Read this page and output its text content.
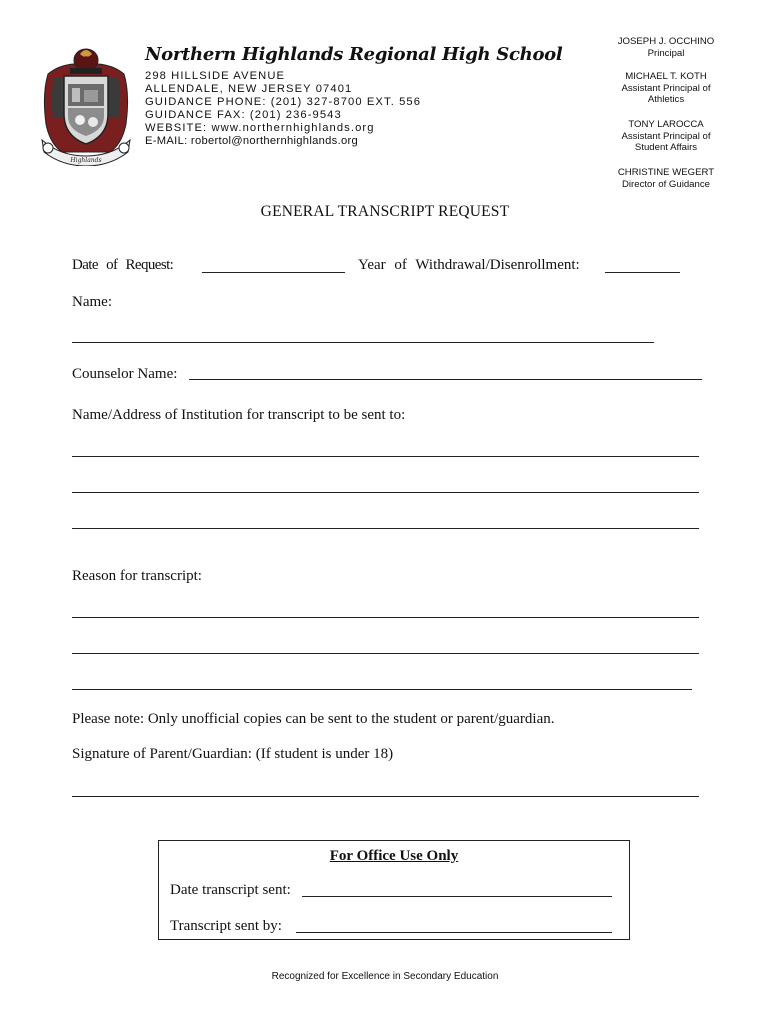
Highlands
Northern Highlands Regional High School
298 HILLSIDE AVENUE
ALLENDALE, NEW JERSEY 07401
GUIDANCE PHONE: (201) 327-8700 EXT. 556
GUIDANCE FAX: (201) 236-9543
WEBSITE: www.northernhighlands.org
E-MAIL: robertol@northernhighlands.org
JOSEPH J. OCCHINO
Principal
MICHAEL T. KOTH
Assistant Principal of Athletics
TONY LAROCCA
Assistant Principal of Student Affairs
CHRISTINE WEGERT
Director of Guidance
GENERAL TRANSCRIPT REQUEST
Date of Request:	Year of Withdrawal/Disenrollment:
Name:
Counselor Name:
Name/Address of Institution for transcript to be sent to:
Reason for transcript:
Please note: Only unofficial copies can be sent to the student or parent/guardian.
Signature of Parent/Guardian: (If student is under 18)
For Office Use Only
Date transcript sent:
Transcript sent by:
Recognized for Excellence in Secondary Education
